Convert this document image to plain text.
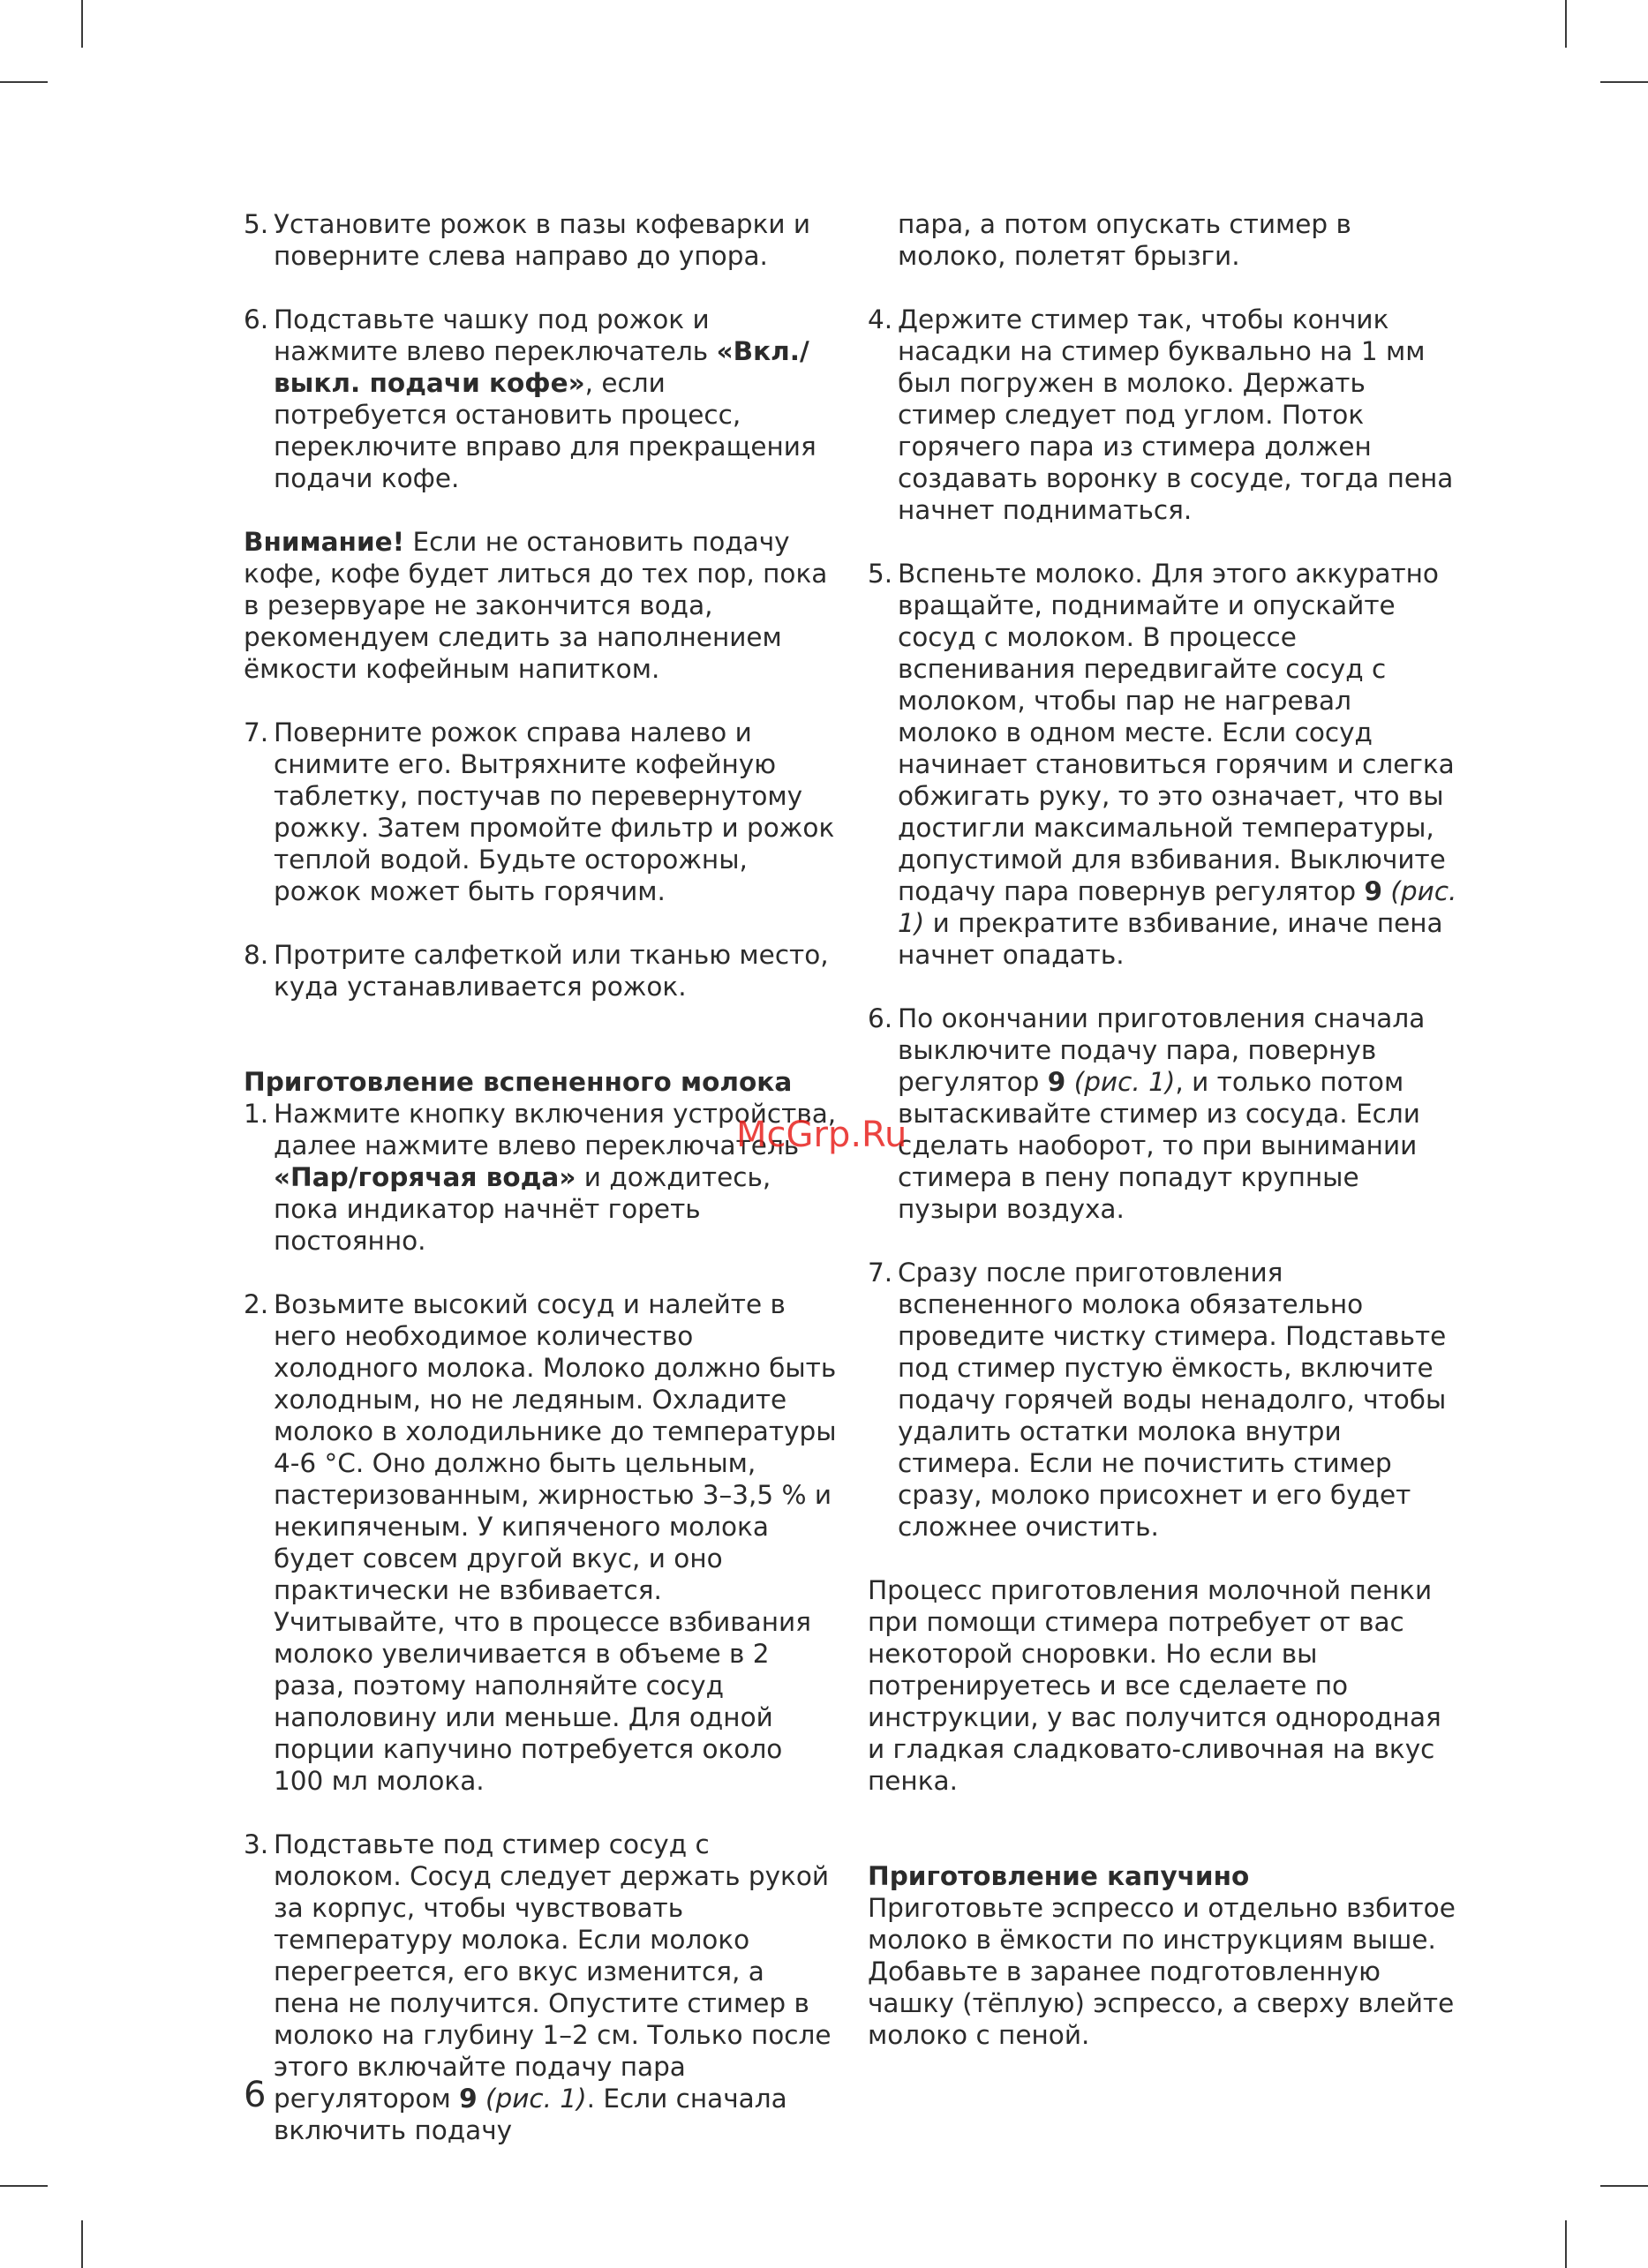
5. Установите рожок в пазы кофеварки и поверните слева направо до упора.
6. Подставьте чашку под рожок и нажмите влево переключатель «Вкл./выкл. подачи кофе», если потребуется остановить процесс, переключите вправо для прекращения подачи кофе.
Внимание! Если не остановить подачу кофе, кофе будет литься до тех пор, пока в резервуаре не закончится вода, рекомендуем следить за наполнением ёмкости кофейным напитком.
7. Поверните рожок справа налево и снимите его. Вытряхните кофейную таблетку, постучав по перевернутому рожку. Затем промойте фильтр и рожок теплой водой. Будьте осторожны, рожок может быть горячим.
8. Протрите салфеткой или тканью место, куда устанавливается рожок.
Приготовление вспененного молока
1. Нажмите кнопку включения устройства, далее нажмите влево переключатель «Пар/горячая вода» и дождитесь, пока индикатор начнёт гореть постоянно.
2. Возьмите высокий сосуд и налейте в него необходимое количество холодного молока. Молоко должно быть холодным, но не ледяным. Охладите молоко в холодильнике до температуры 4-6 °С. Оно должно быть цельным, пастеризованным, жирностью 3–3,5 % и некипяченым. У кипяченого молока будет совсем другой вкус, и оно практически не взбивается. Учитывайте, что в процессе взбивания молоко увеличивается в объеме в 2 раза, поэтому наполняйте сосуд наполовину или меньше. Для одной порции капучино потребуется около 100 мл молока.
3. Подставьте под стимер сосуд с молоком. Сосуд следует держать рукой за корпус, чтобы чувствовать температуру молока. Если молоко перегреется, его вкус изменится, а пена не получится. Опустите стимер в молоко на глубину 1–2 см. Только после этого включайте подачу пара регулятором 9 (рис. 1). Если сначала включить подачу
пара, а потом опускать стимер в молоко, полетят брызги.
4. Держите стимер так, чтобы кончик насадки на стимер буквально на 1 мм был погружен в молоко. Держать стимер следует под углом. Поток горячего пара из стимера должен создавать воронку в сосуде, тогда пена начнет подниматься.
5. Вспеньте молоко. Для этого аккуратно вращайте, поднимайте и опускайте сосуд с молоком. В процессе вспенивания передвигайте сосуд с молоком, чтобы пар не нагревал молоко в одном месте. Если сосуд начинает становиться горячим и слегка обжигать руку, то это означает, что вы достигли максимальной температуры, допустимой для взбивания. Выключите подачу пара повернув регулятор 9 (рис. 1) и прекратите взбивание, иначе пена начнет опадать.
6. По окончании приготовления сначала выключите подачу пара, повернув регулятор 9 (рис. 1), и только потом вытаскивайте стимер из сосуда. Если сделать наоборот, то при вынимании стимера в пену попадут крупные пузыри воздуха.
7. Сразу после приготовления вспененного молока обязательно проведите чистку стимера. Подставьте под стимер пустую ёмкость, включите подачу горячей воды ненадолго, чтобы удалить остатки молока внутри стимера. Если не почистить стимер сразу, молоко присохнет и его будет сложнее очистить.
Процесс приготовления молочной пенки при помощи стимера потребует от вас некоторой сноровки. Но если вы потренируетесь и все сделаете по инструкции, у вас получится однородная и гладкая сладковато-сливочная на вкус пенка.
Приготовление капучино
Приготовьте эспрессо и отдельно взбитое молоко в ёмкости по инструкциям выше. Добавьте в заранее подготовленную чашку (тёплую) эспрессо, а сверху влейте молоко с пеной.
McGrp.Ru
6
